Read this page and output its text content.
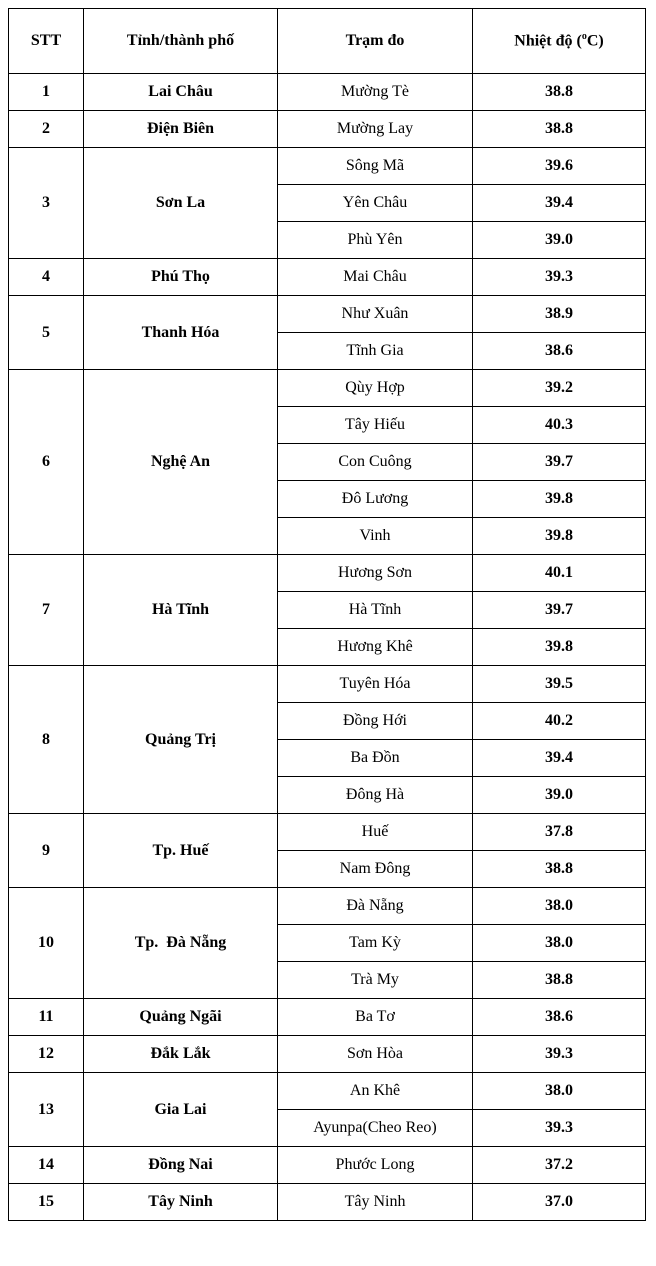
STT	Tỉnh/thành phố	Trạm đo	Nhiệt độ ($^o$C)
1	Lai Châu	Mường Tè	38.8
2	Điện Biên	Mường Lay	38.8
3	Sơn La	Sông Mã	39.6
		Yên Châu	39.4
		Phù Yên	39.0
4	Phú Thọ	Mai Châu	39.3
5	Thanh Hóa	Như Xuân	38.9
		Tĩnh Gia	38.6
6	Nghệ An	Qùy Hợp	39.2
		Tây Hiếu	40.3
		Con Cuông	39.7
		Đô Lương	39.8
		Vinh	39.8
7	Hà Tĩnh	Hương Sơn	40.1
		Hà Tĩnh	39.7
		Hương Khê	39.8
8	Quảng Trị	Tuyên Hóa	39.5
		Đồng Hới	40.2
		Ba Đồn	39.4
		Đông Hà	39.0
9	Tp. Huế	Huế	37.8
		Nam Đông	38.8
10	Tp.  Đà Nẵng	Đà Nẵng	38.0
		Tam Kỳ	38.0
		Trà My	38.8
11	Quảng Ngãi	Ba Tơ	38.6
12	Đắk Lắk	Sơn Hòa	39.3
13	Gia Lai	An Khê	38.0
		Ayunpa(Cheo Reo)	39.3
14	Đồng Nai	Phước Long	37.2
15	Tây Ninh	Tây Ninh	37.0
